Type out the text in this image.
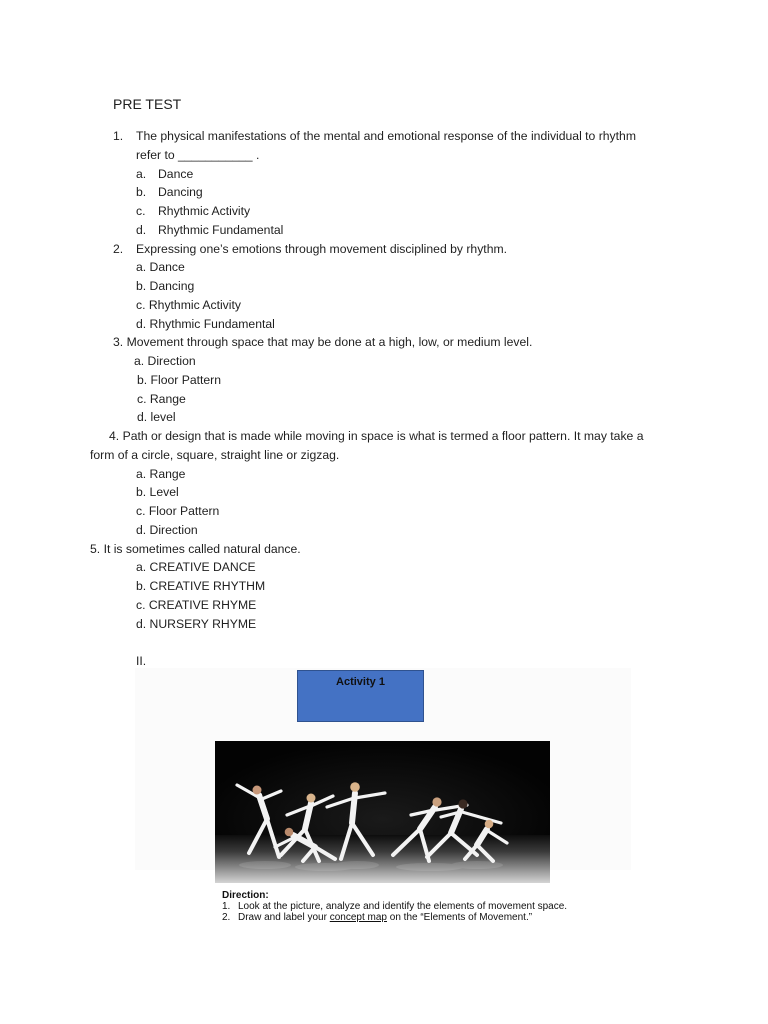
PRE TEST
1. The physical manifestations of the mental and emotional response of the individual to rhythm
refer to ___________ .
a. Dance
b. Dancing
c. Rhythmic Activity
d. Rhythmic Fundamental
2. Expressing one’s emotions through movement disciplined by rhythm.
a. Dance
b. Dancing
c. Rhythmic Activity
d. Rhythmic Fundamental
3. Movement through space that may be done at a high, low, or medium level.
a. Direction
b. Floor Pattern
c. Range
d. level
4. Path or design that is made while moving in space is what is termed a floor pattern. It may take a
form of a circle, square, straight line or zigzag.
a. Range
b. Level
c. Floor Pattern
d. Direction
5. It is sometimes called natural dance.
a. CREATIVE DANCE
b. CREATIVE RHYTHM
c. CREATIVE RHYME
d. NURSERY RHYME
II.
Activity 1
Direction:
1. Look at the picture, analyze and identify the elements of movement space.
2. Draw and label your concept map on the “Elements of Movement.”
